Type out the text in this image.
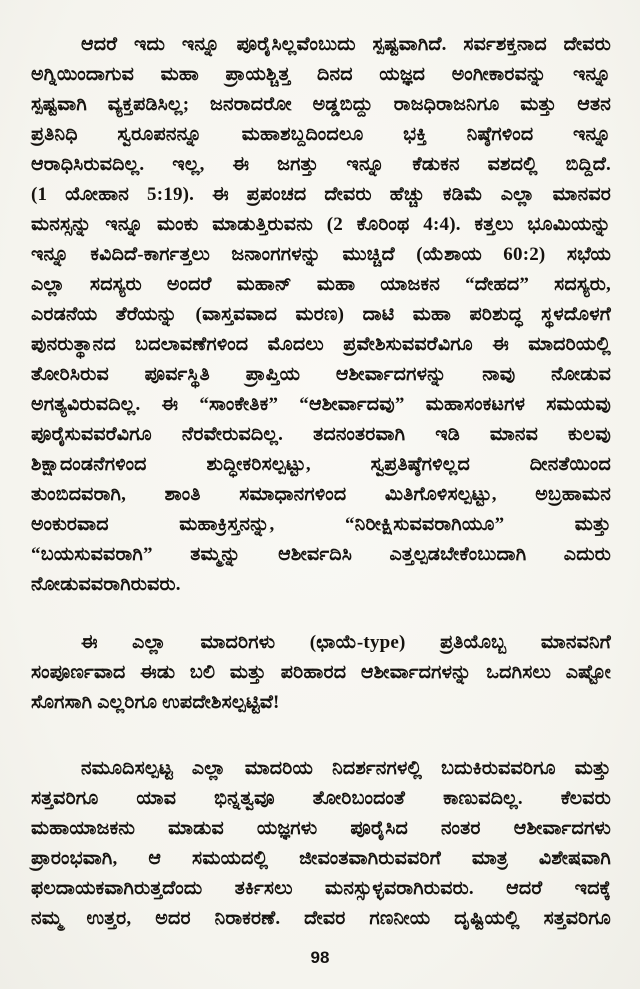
ಆದರೆ ಇದು ಇನ್ನೂ ಪೂರೈಸಿಲ್ಲವೆಂಬುದು ಸ್ಪಷ್ಟವಾಗಿದೆ. ಸರ್ವಶಕ್ತನಾದ ದೇವರು
ಅಗ್ನಿಯಿಂದಾಗುವ ಮಹಾ ಪ್ರಾಯಶ್ಚಿತ್ತ ದಿನದ ಯಜ್ಞದ ಅಂಗೀಕಾರವನ್ನು ಇನ್ನೂ
ಸ್ಪಷ್ಟವಾಗಿ ವ್ಯಕ್ತಪಡಿಸಿಲ್ಲ; ಜನರಾದರೋ ಅಡ್ಡಬಿದ್ದು ರಾಜಧಿರಾಜನಿಗೂ ಮತ್ತು ಆತನ
ಪ್ರತಿನಿಧಿ ಸ್ವರೂಪನನ್ನೂ ಮಹಾಶಬ್ದದಿಂದಲೂ ಭಕ್ತಿ ನಿಷ್ಠೆಗಳಿಂದ ಇನ್ನೂ
ಆರಾಧಿಸಿರುವದಿಲ್ಲ. ಇಲ್ಲ, ಈ ಜಗತ್ತು ಇನ್ನೂ ಕೆಡುಕನ ವಶದಲ್ಲಿ ಬಿದ್ದಿದೆ.
(1 ಯೋಹಾನ 5:19). ಈ ಪ್ರಪಂಚದ ದೇವರು ಹೆಚ್ಚು ಕಡಿಮೆ ಎಲ್ಲಾ ಮಾನವರ
ಮನಸ್ಸನ್ನು ಇನ್ನೂ ಮಂಕು ಮಾಡುತ್ತಿರುವನು (2 ಕೊರಿಂಥ 4:4). ಕತ್ತಲು ಭೂಮಿಯನ್ನು
ಇನ್ನೂ ಕವಿದಿದೆ-ಕಾರ್ಗತ್ತಲು ಜನಾಂಗಗಳನ್ನು ಮುಚ್ಚಿದೆ (ಯೆಶಾಯ 60:2) ಸಭೆಯ
ಎಲ್ಲಾ ಸದಸ್ಯರು ಅಂದರೆ ಮಹಾನ್ ಮಹಾ ಯಾಜಕನ “ದೇಹದ” ಸದಸ್ಯರು,
ಎರಡನೆಯ ತೆರೆಯನ್ನು (ವಾಸ್ತವವಾದ ಮರಣ) ದಾಟಿ ಮಹಾ ಪರಿಶುದ್ಧ ಸ್ಥಳದೊಳಗೆ
ಪುನರುತ್ಥಾನದ ಬದಲಾವಣೆಗಳಿಂದ ಮೊದಲು ಪ್ರವೇಶಿಸುವವರೆವಿಗೂ ಈ ಮಾದರಿಯಲ್ಲಿ
ತೋರಿಸಿರುವ ಪೂರ್ವಸ್ಥಿತಿ ಪ್ರಾಪ್ತಿಯ ಆಶೀರ್ವಾದಗಳನ್ನು ನಾವು ನೋಡುವ
ಅಗತ್ಯವಿರುವದಿಲ್ಲ. ಈ “ಸಾಂಕೇತಿಕ” “ಆಶೀರ್ವಾದವು” ಮಹಾಸಂಕಟಗಳ ಸಮಯವು
ಪೂರೈಸುವವರೆವಿಗೂ ನೆರವೇರುವದಿಲ್ಲ. ತದನಂತರವಾಗಿ ಇಡಿ ಮಾನವ ಕುಲವು
ಶಿಕ್ಷಾದಂಡನೆಗಳಿಂದ ಶುದ್ಧೀಕರಿಸಲ್ಪಟ್ಟು, ಸ್ವಪ್ರತಿಷ್ಠೆಗಳಿಲ್ಲದ ದೀನತೆಯಿಂದ
ತುಂಬಿದವರಾಗಿ, ಶಾಂತಿ ಸಮಾಧಾನಗಳಿಂದ ಮಿತಿಗೊಳಿಸಲ್ಪಟ್ಟು, ಅಬ್ರಹಾಮನ
ಅಂಕುರವಾದ ಮಹಾಕ್ರಿಸ್ತನನ್ನು, “ನಿರೀಕ್ಷಿಸುವವರಾಗಿಯೂ” ಮತ್ತು
“ಬಯಸುವವರಾಗಿ” ತಮ್ಮನ್ನು ಆಶೀರ್ವದಿಸಿ ಎತ್ತಲ್ಪಡಬೇಕೆಂಬುದಾಗಿ ಎದುರು
ನೋಡುವವರಾಗಿರುವರು.
ಈ ಎಲ್ಲಾ ಮಾದರಿಗಳು (ಛಾಯೆ-type) ಪ್ರತಿಯೊಬ್ಬ ಮಾನವನಿಗೆ
ಸಂಪೂರ್ಣವಾದ ಈಡು ಬಲಿ ಮತ್ತು ಪರಿಹಾರದ ಆಶೀರ್ವಾದಗಳನ್ನು ಒದಗಿಸಲು ಎಷ್ಟೋ
ಸೊಗಸಾಗಿ ಎಲ್ಲರಿಗೂ ಉಪದೇಶಿಸಲ್ಪಟ್ಟಿವೆ!
ನಮೂದಿಸಲ್ಪಟ್ಟ ಎಲ್ಲಾ ಮಾದರಿಯ ನಿದರ್ಶನಗಳಲ್ಲಿ ಬದುಕಿರುವವರಿಗೂ ಮತ್ತು
ಸತ್ತವರಿಗೂ ಯಾವ ಭಿನ್ನತ್ವವೂ ತೋರಿಬಂದಂತೆ ಕಾಣುವದಿಲ್ಲ. ಕೆಲವರು
ಮಹಾಯಾಜಕನು ಮಾಡುವ ಯಜ್ಞಗಳು ಪೂರೈಸಿದ ನಂತರ ಆಶೀರ್ವಾದಗಳು
ಪ್ರಾರಂಭವಾಗಿ, ಆ ಸಮಯದಲ್ಲಿ ಜೀವಂತವಾಗಿರುವವರಿಗೆ ಮಾತ್ರ ವಿಶೇಷವಾಗಿ
ಫಲದಾಯಕವಾಗಿರುತ್ತದೆಂದು ತರ್ಕಿಸಲು ಮನಸ್ಸುಳ್ಳವರಾಗಿರುವರು. ಆದರೆ ಇದಕ್ಕೆ
ನಮ್ಮ ಉತ್ತರ, ಅದರ ನಿರಾಕರಣೆ. ದೇವರ ಗಣನೀಯ ದೃಷ್ಟಿಯಲ್ಲಿ ಸತ್ತವರಿಗೂ
98
